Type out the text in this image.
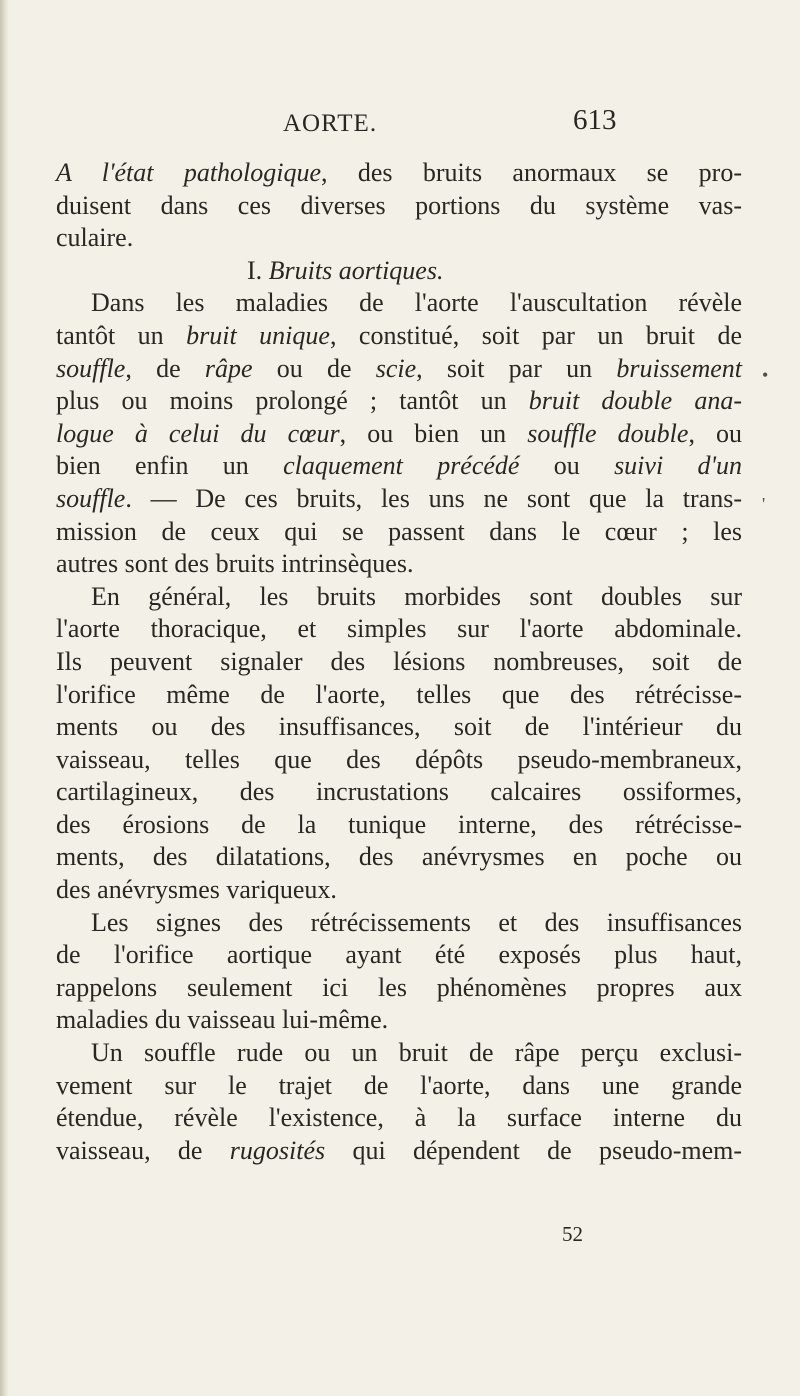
AORTE.	613
A l'état pathologique, des bruits anormaux se pro-
duisent dans ces diverses portions du système vas-
culaire.
I. Bruits aortiques.
Dans les maladies de l'aorte l'auscultation révèle
tantôt un bruit unique, constitué, soit par un bruit de
souffle, de râpe ou de scie, soit par un bruissement
plus ou moins prolongé ; tantôt un bruit double ana-
logue à celui du cœur, ou bien un souffle double, ou
bien enfin un claquement précédé ou suivi d'un
souffle. — De ces bruits, les uns ne sont que la trans-
mission de ceux qui se passent dans le cœur ; les
autres sont des bruits intrinsèques.
En général, les bruits morbides sont doubles sur
l'aorte thoracique, et simples sur l'aorte abdominale.
Ils peuvent signaler des lésions nombreuses, soit de
l'orifice même de l'aorte, telles que des rétrécisse-
ments ou des insuffisances, soit de l'intérieur du
vaisseau, telles que des dépôts pseudo-membraneux,
cartilagineux, des incrustations calcaires ossiformes,
des érosions de la tunique interne, des rétrécisse-
ments, des dilatations, des anévrysmes en poche ou
des anévrysmes variqueux.
Les signes des rétrécissements et des insuffisances
de l'orifice aortique ayant été exposés plus haut,
rappelons seulement ici les phénomènes propres aux
maladies du vaisseau lui-même.
Un souffle rude ou un bruit de râpe perçu exclusi-
vement sur le trajet de l'aorte, dans une grande
étendue, révèle l'existence, à la surface interne du
vaisseau, de rugosités qui dépendent de pseudo-mem-
•
'
52
